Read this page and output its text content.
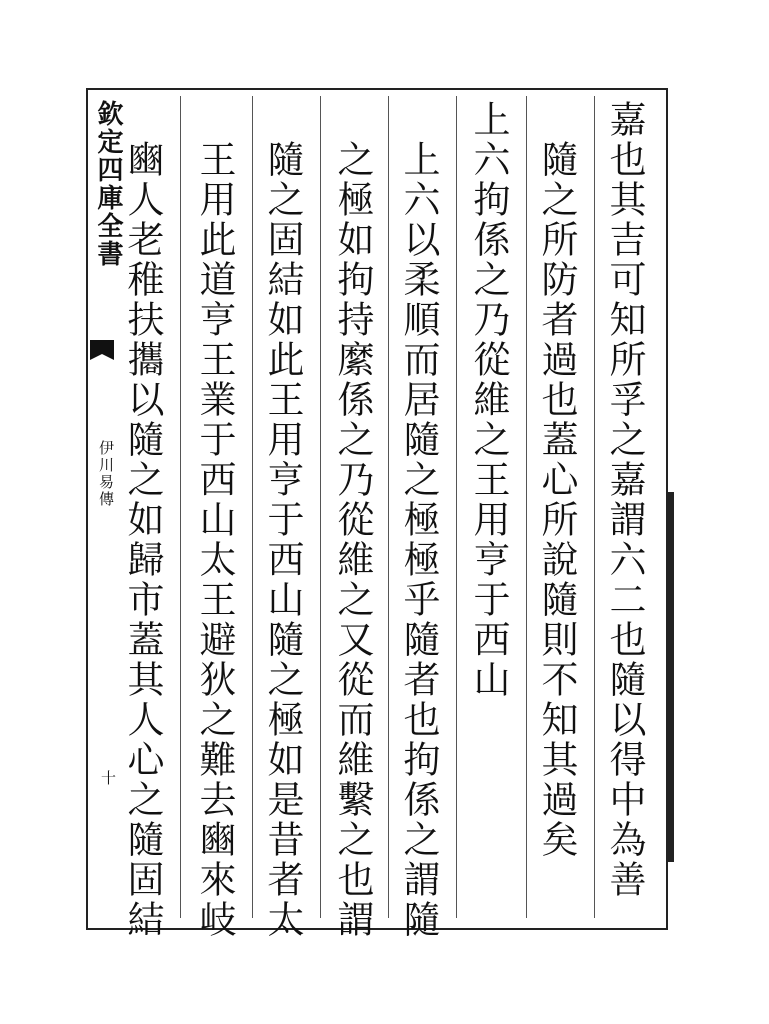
欽定四庫全書
伊川易傳
十	嘉也其吉可知所孚之嘉謂六二也隨以得中為善
隨之所防者過也蓋心所說隨則不知其過矣
上六拘係之乃從維之王用亨于西山
上六以柔順而居隨之極極乎隨者也拘係之謂隨
之極如拘持縻係之乃從維之又從而維繫之也謂
隨之固結如此王用亨于西山隨之極如是昔者太
王用此道亨王業于西山太王避狄之難去豳來岐
豳人老稚扶攜以隨之如歸市蓋其人心之隨固結
